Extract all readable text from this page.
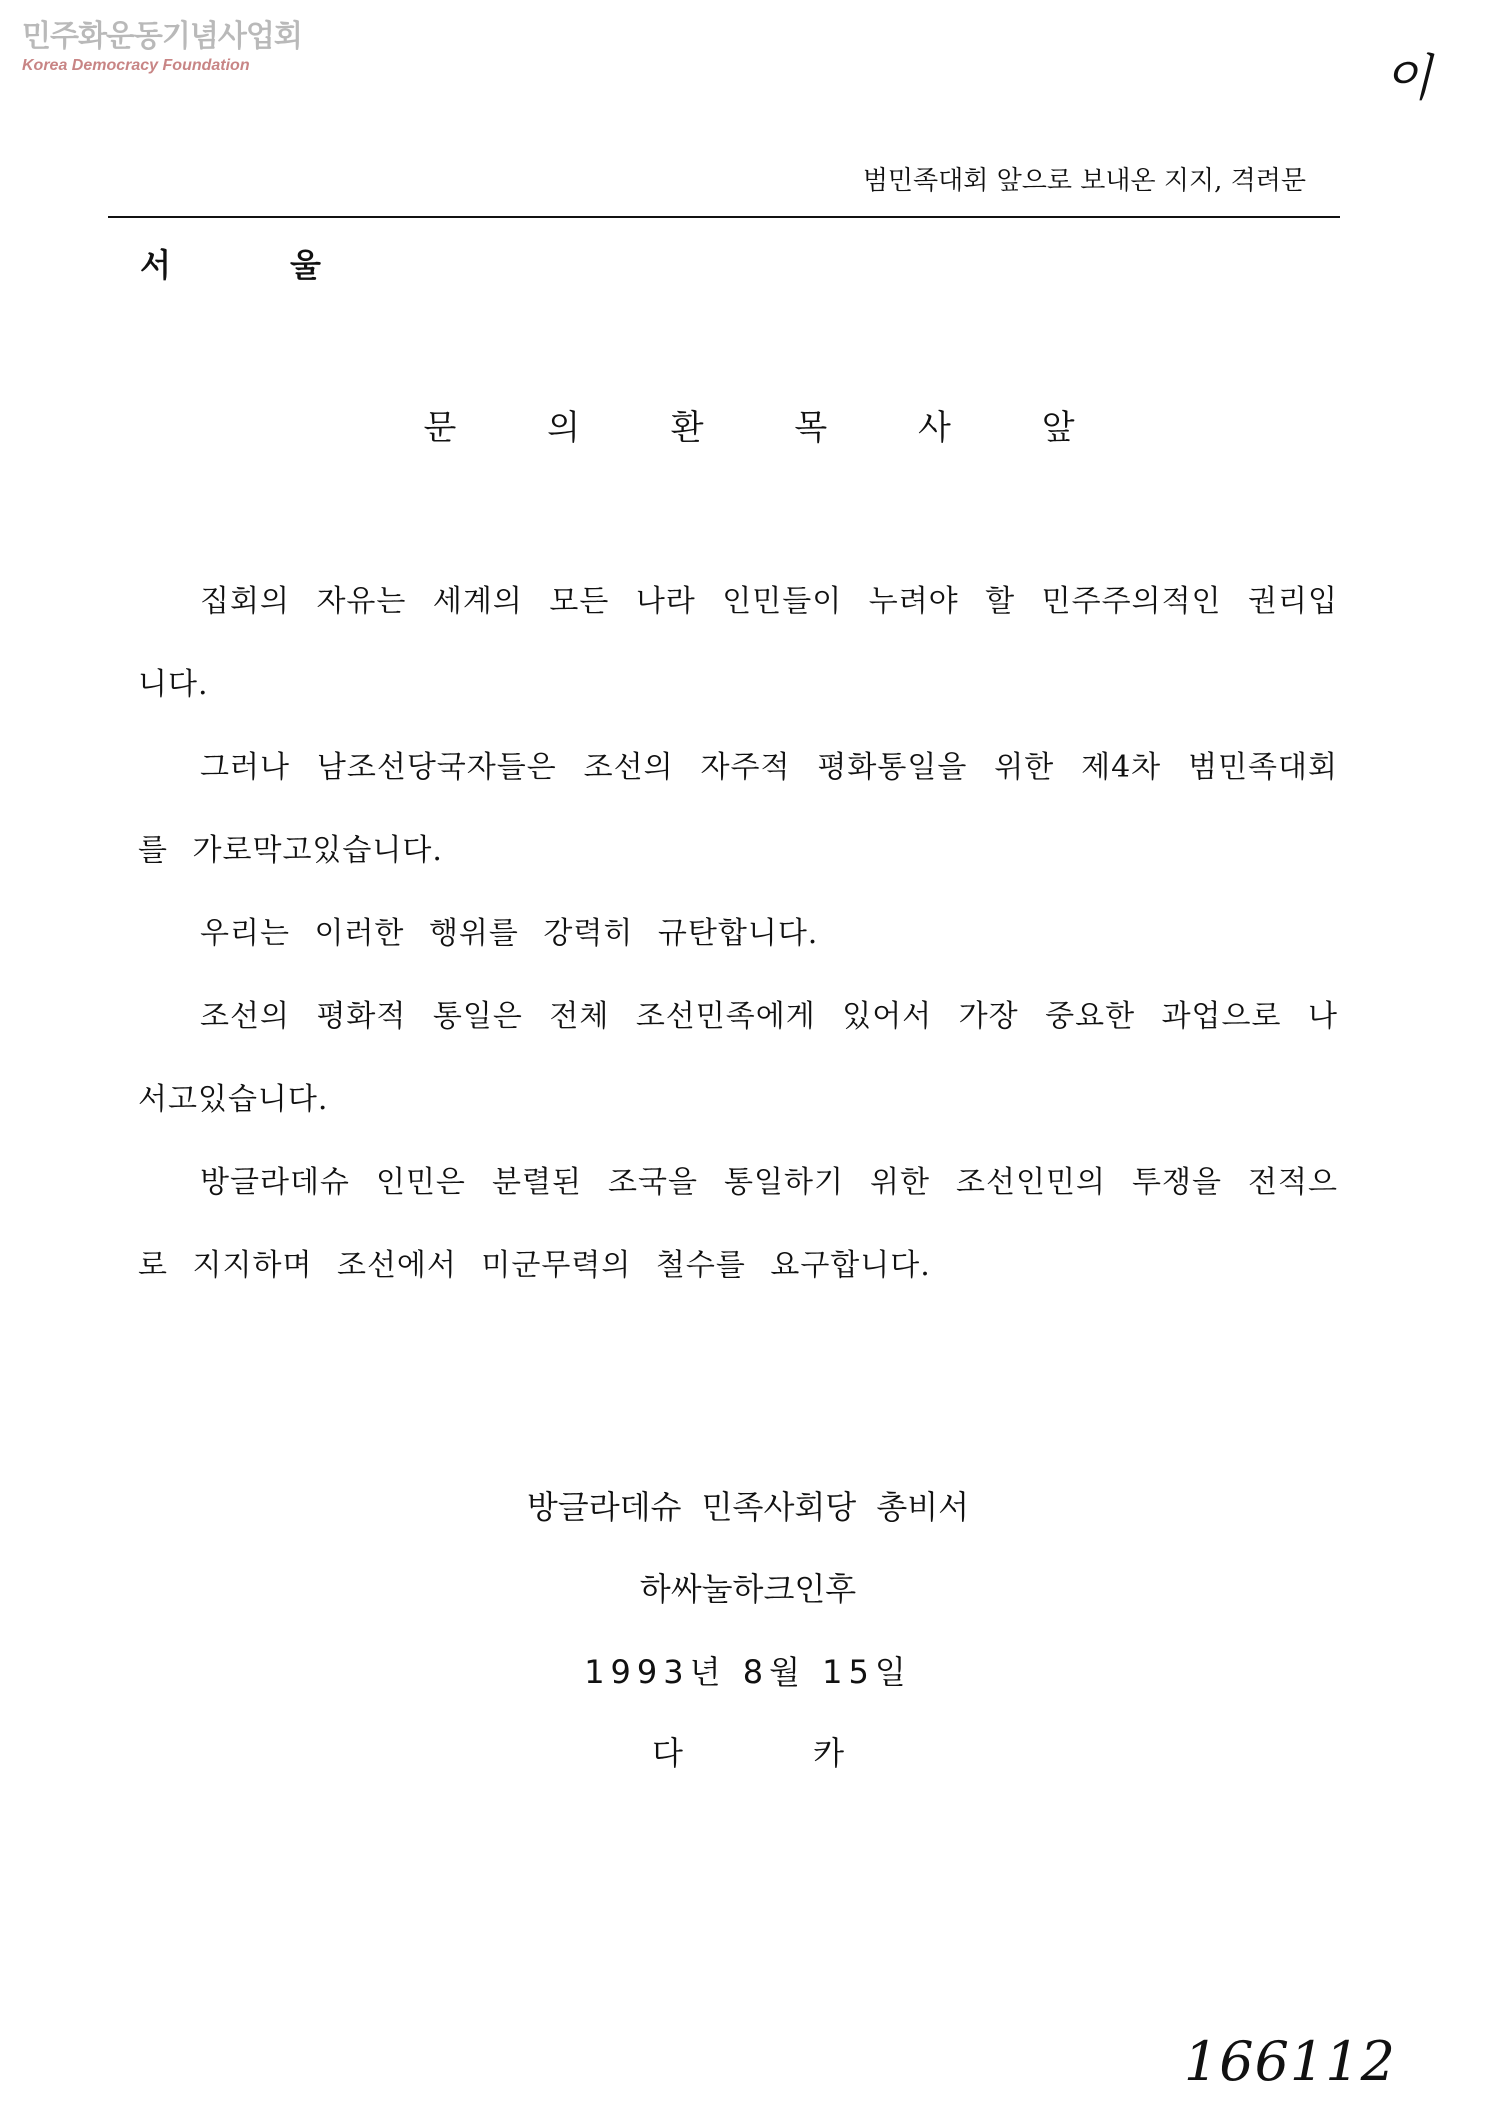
민주화운동기념사업회
Korea Democracy Foundation	이
범민족대회 앞으로 보내온 지지, 격려문
서 울
문 의 환 목 사 앞

집회의 자유는 세계의 모든 나라 인민들이 누려야 할 민주주의적인 권리입니다.

그러나 남조선당국자들은 조선의 자주적 평화통일을 위한 제4차 범민족대회를 가로막고있습니다.

우리는 이러한 행위를 강력히 규탄합니다.

조선의 평화적 통일은 전체 조선민족에게 있어서 가장 중요한 과업으로 나서고있습니다.

방글라데슈 인민은 분렬된 조국을 통일하기 위한 조선인민의 투쟁을 전적으로 지지하며 조선에서 미군무력의 철수를 요구합니다.

방글라데슈 민족사회당 총비서
하싸눌하크인후
1993년 8월 15일
다 카
166112
